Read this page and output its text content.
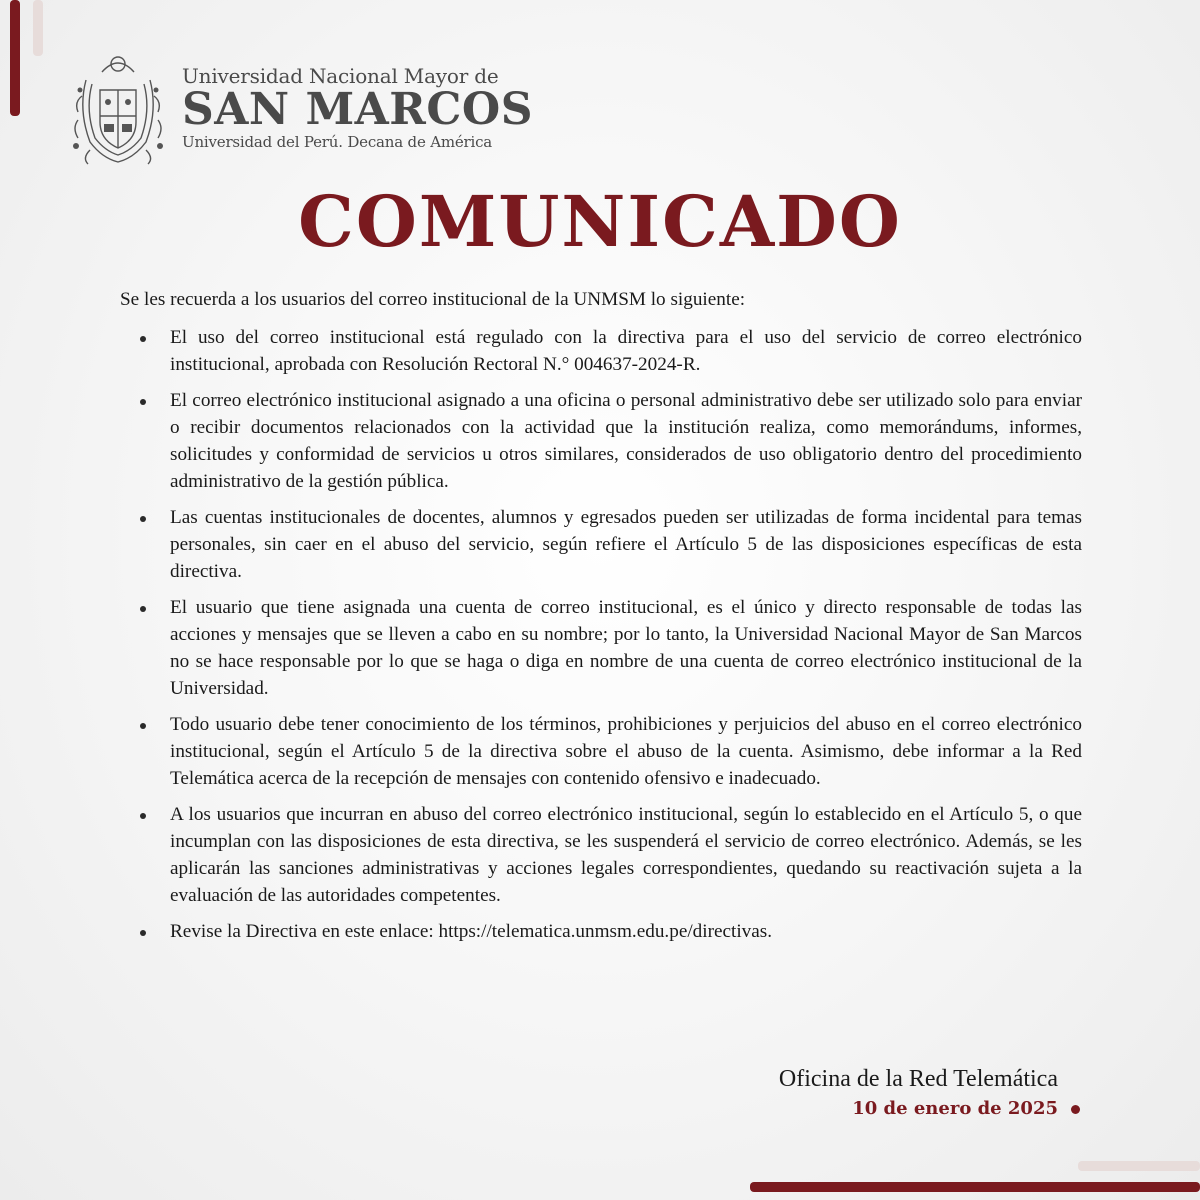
Universidad Nacional Mayor de
SAN MARCOS
Universidad del Perú. Decana de América
COMUNICADO
Se les recuerda a los usuarios del correo institucional de la UNMSM lo siguiente:
El uso del correo institucional está regulado con la directiva para el uso del servicio de correo electrónico institucional, aprobada con Resolución Rectoral N.° 004637-2024-R.
El correo electrónico institucional asignado a una oficina o personal administrativo debe ser utilizado solo para enviar o recibir documentos relacionados con la actividad que la institución realiza, como memorándums, informes, solicitudes y conformidad de servicios u otros similares, considerados de uso obligatorio dentro del procedimiento administrativo de la gestión pública.
Las cuentas institucionales de docentes, alumnos y egresados pueden ser utilizadas de forma incidental para temas personales, sin caer en el abuso del servicio, según refiere el Artículo 5 de las disposiciones específicas de esta directiva.
El usuario que tiene asignada una cuenta de correo institucional, es el único y directo responsable de todas las acciones y mensajes que se lleven a cabo en su nombre; por lo tanto, la Universidad Nacional Mayor de San Marcos no se hace responsable por lo que se haga o diga en nombre de una cuenta de correo electrónico institucional de la Universidad.
Todo usuario debe tener conocimiento de los términos, prohibiciones y perjuicios del abuso en el correo electrónico institucional, según el Artículo 5 de la directiva sobre el abuso de la cuenta. Asimismo, debe informar a la Red Telemática acerca de la recepción de mensajes con contenido ofensivo e inadecuado.
A los usuarios que incurran en abuso del correo electrónico institucional, según lo establecido en el Artículo 5, o que incumplan con las disposiciones de esta directiva, se les suspenderá el servicio de correo electrónico. Además, se les aplicarán las sanciones administrativas y acciones legales correspondientes, quedando su reactivación sujeta a la evaluación de las autoridades competentes.
Revise la Directiva en este enlace: https://telematica.unmsm.edu.pe/directivas.
Oficina de la Red Telemática
10 de enero de 2025
